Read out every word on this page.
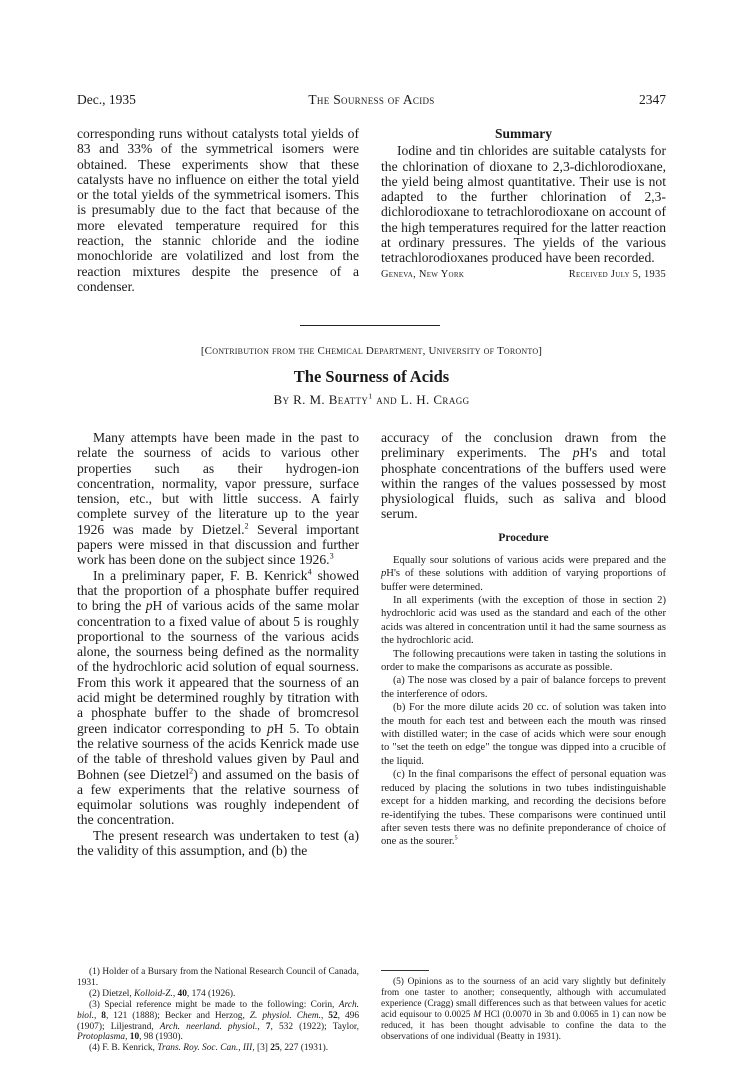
Dec., 1935	The Sourness of Acids	2347

corresponding runs without catalysts total yields of 83 and 33% of the symmetrical isomers were obtained. These experiments show that these catalysts have no influence on either the total yield or the total yields of the symmetrical isomers. This is presumably due to the fact that because of the more elevated temperature required for this reaction, the stannic chloride and the iodine monochloride are volatilized and lost from the reaction mixtures despite the presence of a condenser.

Summary

Iodine and tin chlorides are suitable catalysts for the chlorination of dioxane to 2,3-dichlorodioxane, the yield being almost quantitative. Their use is not adapted to the further chlorination of 2,3-dichlorodioxane to tetrachlorodioxane on account of the high temperatures required for the latter reaction at ordinary pressures. The yields of the various tetrachlorodioxanes produced have been recorded.

Geneva, New York	Received July 5, 1935
[Contribution from the Chemical Department, University of Toronto]
The Sourness of Acids
By R. M. Beatty$^1$ and L. H. Cragg

Many attempts have been made in the past to relate the sourness of acids to various other properties such as their hydrogen-ion concentration, normality, vapor pressure, surface tension, etc., but with little success. A fairly complete survey of the literature up to the year 1926 was made by Dietzel.$^2$ Several important papers were missed in that discussion and further work has been done on the subject since 1926.$^3$

In a preliminary paper, F. B. Kenrick$^4$ showed that the proportion of a phosphate buffer required to bring the pH of various acids of the same molar concentration to a fixed value of about 5 is roughly proportional to the sourness of the various acids alone, the sourness being defined as the normality of the hydrochloric acid solution of equal sourness. From this work it appeared that the sourness of an acid might be determined roughly by titration with a phosphate buffer to the shade of bromcresol green indicator corresponding to pH 5. To obtain the relative sourness of the acids Kenrick made use of the table of threshold values given by Paul and Bohnen (see Dietzel$^2$) and assumed on the basis of a few experiments that the relative sourness of equimolar solutions was roughly independent of the concentration.

The present research was undertaken to test (a) the validity of this assumption, and (b) the

accuracy of the conclusion drawn from the preliminary experiments. The pH's and total phosphate concentrations of the buffers used were within the ranges of the values possessed by most physiological fluids, such as saliva and blood serum.

Procedure

Equally sour solutions of various acids were prepared and the pH's of these solutions with addition of varying proportions of buffer were determined.

In all experiments (with the exception of those in section 2) hydrochloric acid was used as the standard and each of the other acids was altered in concentration until it had the same sourness as the hydrochloric acid.

The following precautions were taken in tasting the solutions in order to make the comparisons as accurate as possible.

(a) The nose was closed by a pair of balance forceps to prevent the interference of odors.

(b) For the more dilute acids 20 cc. of solution was taken into the mouth for each test and between each the mouth was rinsed with distilled water; in the case of acids which were sour enough to "set the teeth on edge" the tongue was dipped into a crucible of the liquid.

(c) In the final comparisons the effect of personal equation was reduced by placing the solutions in two tubes indistinguishable except for a hidden marking, and recording the decisions before re-identifying the tubes. These comparisons were continued until after seven tests there was no definite preponderance of choice of one as the sourer.$^5$

(1) Holder of a Bursary from the National Research Council of Canada, 1931.

(2) Dietzel, Kolloid-Z., 40, 174 (1926).

(3) Special reference might be made to the following: Corin, Arch. biol., 8, 121 (1888); Becker and Herzog, Z. physiol. Chem., 52, 496 (1907); Liljestrand, Arch. neerland. physiol., 7, 532 (1922); Taylor, Protoplasma, 10, 98 (1930).

(4) F. B. Kenrick, Trans. Roy. Soc. Can., III, [3] 25, 227 (1931).

(5) Opinions as to the sourness of an acid vary slightly but definitely from one taster to another; consequently, although with accumulated experience (Cragg) small differences such as that between values for acetic acid equisour to 0.0025 M HCl (0.0070 in 3b and 0.0065 in 1) can now be reduced, it has been thought advisable to confine the data to the observations of one individual (Beatty in 1931).
